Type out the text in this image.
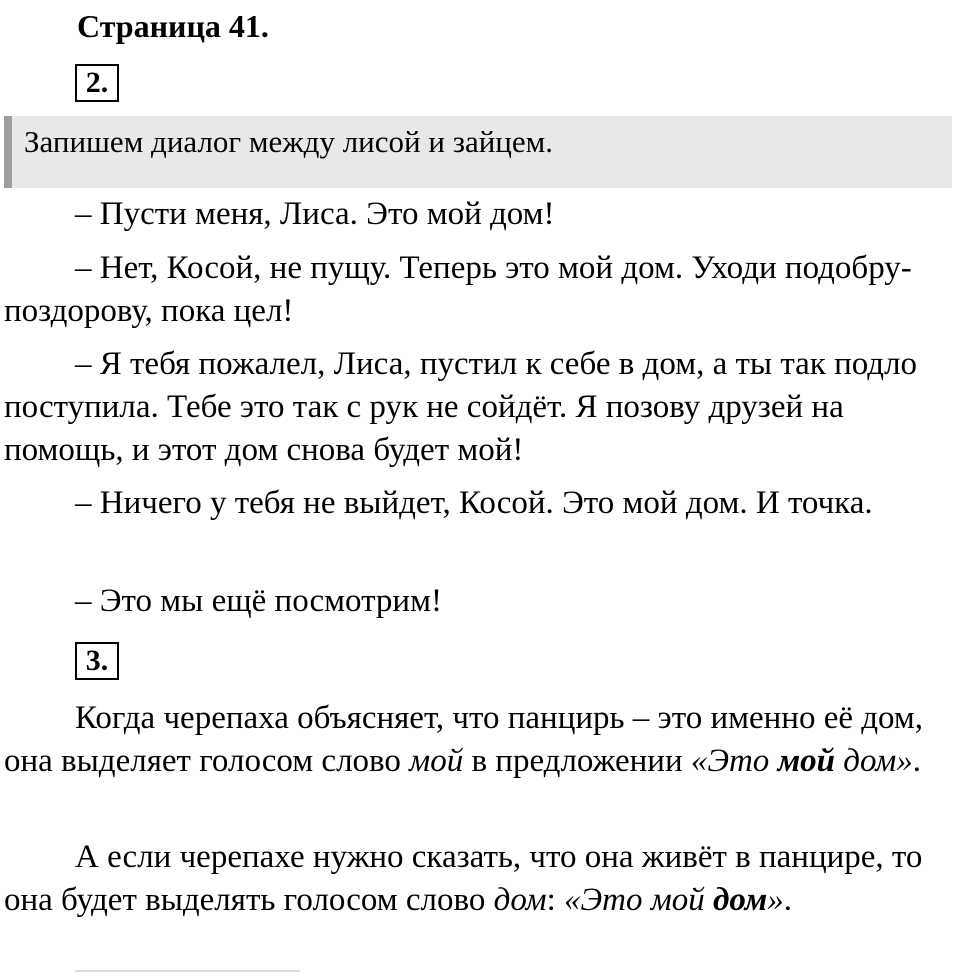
Страница 41.
2.
Запишем диалог между лисой и зайцем.

– Пусти меня, Лиса. Это мой дом!

– Нет, Косой, не пущу. Теперь это мой дом. Уходи подобру-поздорову, пока цел!

– Я тебя пожалел, Лиса, пустил к себе в дом, а ты так подло поступила. Тебе это так с рук не сойдёт. Я позову друзей на помощь, и этот дом снова будет мой!

– Ничего у тебя не выйдет, Косой. Это мой дом. И точка.

– Это мы ещё посмотрим!

3.

Когда черепаха объясняет, что панцирь – это именно её дом, она выделяет голосом слово мой в предложении «Это мой дом».

А если черепахе нужно сказать, что она живёт в панцире, то она будет выделять голосом слово дом: «Это мой дом».
